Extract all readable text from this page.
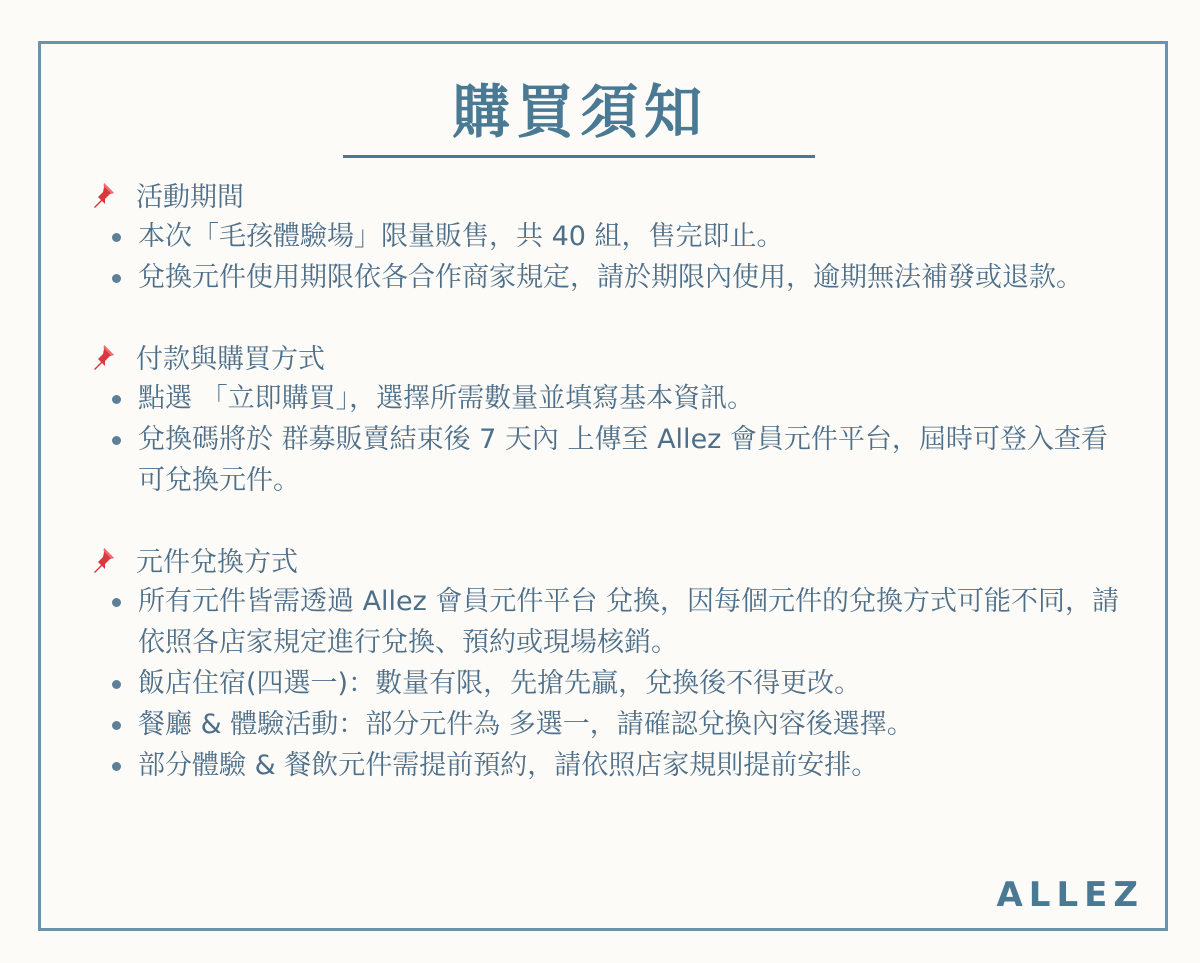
購買須知
活動期間
本次「毛孩體驗場」限量販售，共 40 組，售完即止。
兌換元件使用期限依各合作商家規定，請於期限內使用，逾期無法補發或退款。
付款與購買方式
點選 「立即購買」，選擇所需數量並填寫基本資訊。
兌換碼將於 群募販賣結束後 7 天內 上傳至 Allez 會員元件平台，屆時可登入查看可兌換元件。
元件兌換方式
所有元件皆需透過 Allez 會員元件平台 兌換，因每個元件的兌換方式可能不同，請依照各店家規定進行兌換、預約或現場核銷。
飯店住宿(四選一)：數量有限，先搶先贏，兌換後不得更改。
餐廳 & 體驗活動：部分元件為 多選一，請確認兌換內容後選擇。
部分體驗 & 餐飲元件需提前預約，請依照店家規則提前安排。
ALLEZ
